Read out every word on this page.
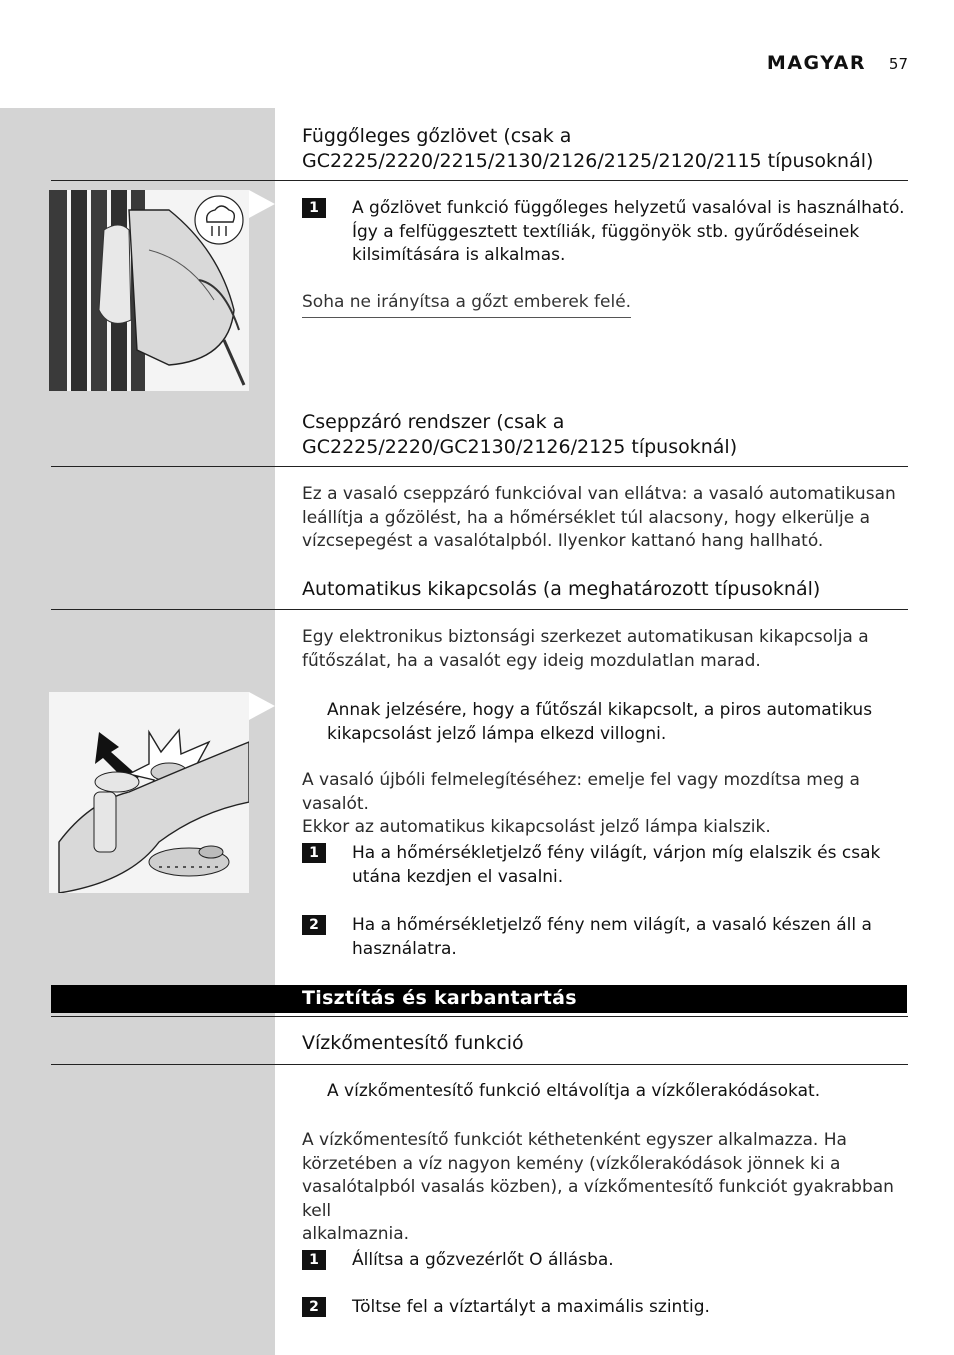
MAGYAR 57
Függőleges gőzlövet (csak a
GC2225/2220/2215/2130/2126/2125/2120/2115 típusoknál)
1	A gőzlövet funkció függőleges helyzetű vasalóval is használható.
Így a felfüggesztett textíliák, függönyök stb. gyűrődéseinek
kilsimítására is alkalmas.
Soha ne irányítsa a gőzt emberek felé.
Cseppzáró rendszer (csak a
GC2225/2220/GC2130/2126/2125 típusoknál)
Ez a vasaló cseppzáró funkcióval van ellátva: a vasaló automatikusan
leállítja a gőzölést, ha a hőmérséklet túl alacsony, hogy elkerülje a
vízcsepegést a vasalótalpból. Ilyenkor kattanó hang hallható.
Automatikus kikapcsolás (a meghatározott típusoknál)
Egy elektronikus biztonsági szerkezet automatikusan kikapcsolja a
fűtőszálat, ha a vasalót egy ideig mozdulatlan marad.
Annak jelzésére, hogy a fűtőszál kikapcsolt, a piros automatikus
kikapcsolást jelző lámpa elkezd villogni.
A vasaló újbóli felmelegítéséhez: emelje fel vagy mozdítsa meg a vasalót.
Ekkor az automatikus kikapcsolást jelző lámpa kialszik.
1	Ha a hőmérsékletjelző fény világít, várjon míg elalszik és csak
utána kezdjen el vasalni.
2	Ha a hőmérsékletjelző fény nem világít, a vasaló készen áll a
használatra.
Tisztítás és karbantartás
Vízkőmentesítő funkció
A vízkőmentesítő funkció eltávolítja a vízkőlerakódásokat.
A vízkőmentesítő funkciót kéthetenként egyszer alkalmazza. Ha
körzetében a víz nagyon kemény (vízkőlerakódások jönnek ki a
vasalótalpból vasalás közben), a vízkőmentesítő funkciót gyakrabban kell
alkalmaznia.
1	Állítsa a gőzvezérlőt O állásba.
2	Töltse fel a víztartályt a maximális szintig.
